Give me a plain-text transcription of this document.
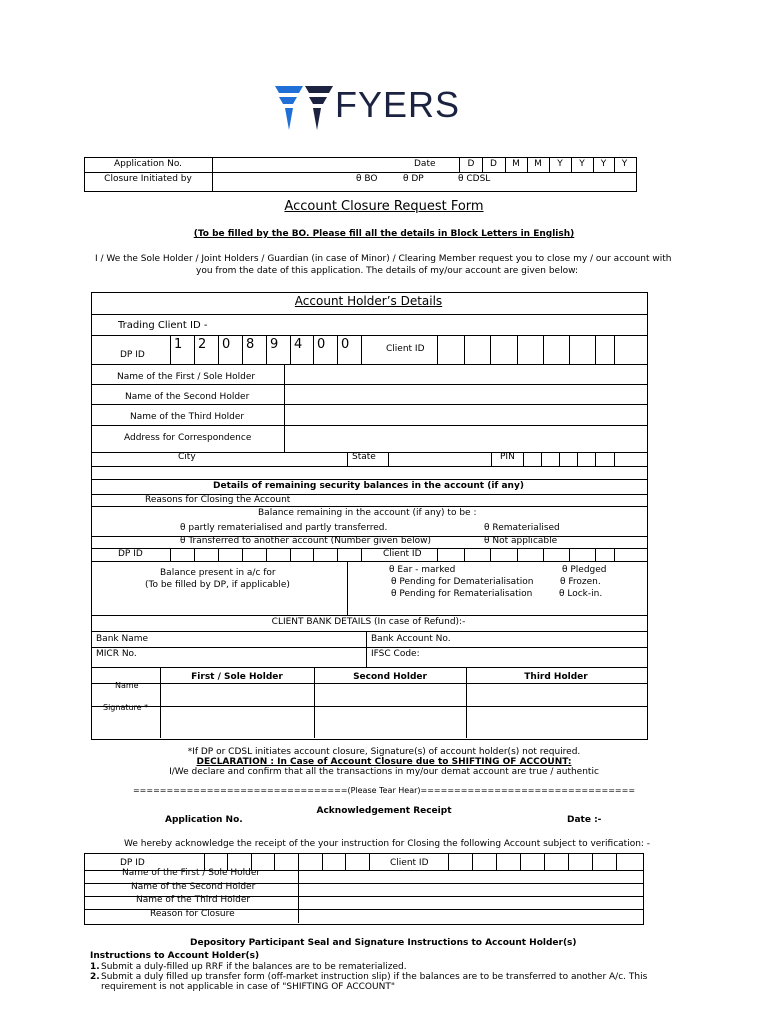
FYERS
Application No.	Date	D	D	M	M	Y	Y	Y	Y
Closure Initiated by	θ BO	θ DP	θ CDSL
Account Closure Request Form
(To be filled by the BO. Please fill all the details in Block Letters in English)
I / We the Sole Holder / Joint Holders / Guardian (in case of Minor) / Clearing Member request you to close my / our account with
you from the date of this application. The details of my/our account are given below:
Account Holder’s Details
Trading Client ID -
DP ID
1 2 0 8 9 4 0 0	Client ID
Name of the First / Sole Holder
Name of the Second Holder
Name of the Third Holder
Address for Correspondence
City	State	PIN
Details of remaining security balances in the account (if any)
Reasons for Closing the Account
Balance remaining in the account (if any) to be :
θ partly rematerialised and partly transferred.	θ Rematerialised
θ Transferred to another account (Number given below)	θ Not applicable
DP ID	Client ID
Balance present in a/c for
(To be filled by DP, if applicable)
θ Ear - marked
θ Pending for Dematerialisation
θ Pending for Rematerialisation
θ Pledged
θ Frozen.
θ Lock-in.
CLIENT BANK DETAILS (In case of Refund):-
Bank Name	Bank Account No.
MICR No.	IFSC Code:
First / Sole Holder	Second Holder	Third Holder
Name
Signature *
*If DP or CDSL initiates account closure, Signature(s) of account holder(s) not required.
DECLARATION : In Case of Account Closure due to SHIFTING OF ACCOUNT:
I/We declare and confirm that all the transactions in my/our demat account are true / authentic
================================(Please Tear Hear)================================
Acknowledgement Receipt
Application No.	Date :-
We hereby acknowledge the receipt of the your instruction for Closing the following Account subject to verification: -
DP ID	Client ID
Name of the First / Sole Holder
Name of the Second Holder
Name of the Third Holder
Reason for Closure
Depository Participant Seal and Signature Instructions to Account Holder(s)
Instructions to Account Holder(s)
1. Submit a duly-filled up RRF if the balances are to be rematerialized.
2. Submit a duly filled up transfer form (off-market instruction slip) if the balances are to be transferred to another A/c. This
requirement is not applicable in case of "SHIFTING OF ACCOUNT"
